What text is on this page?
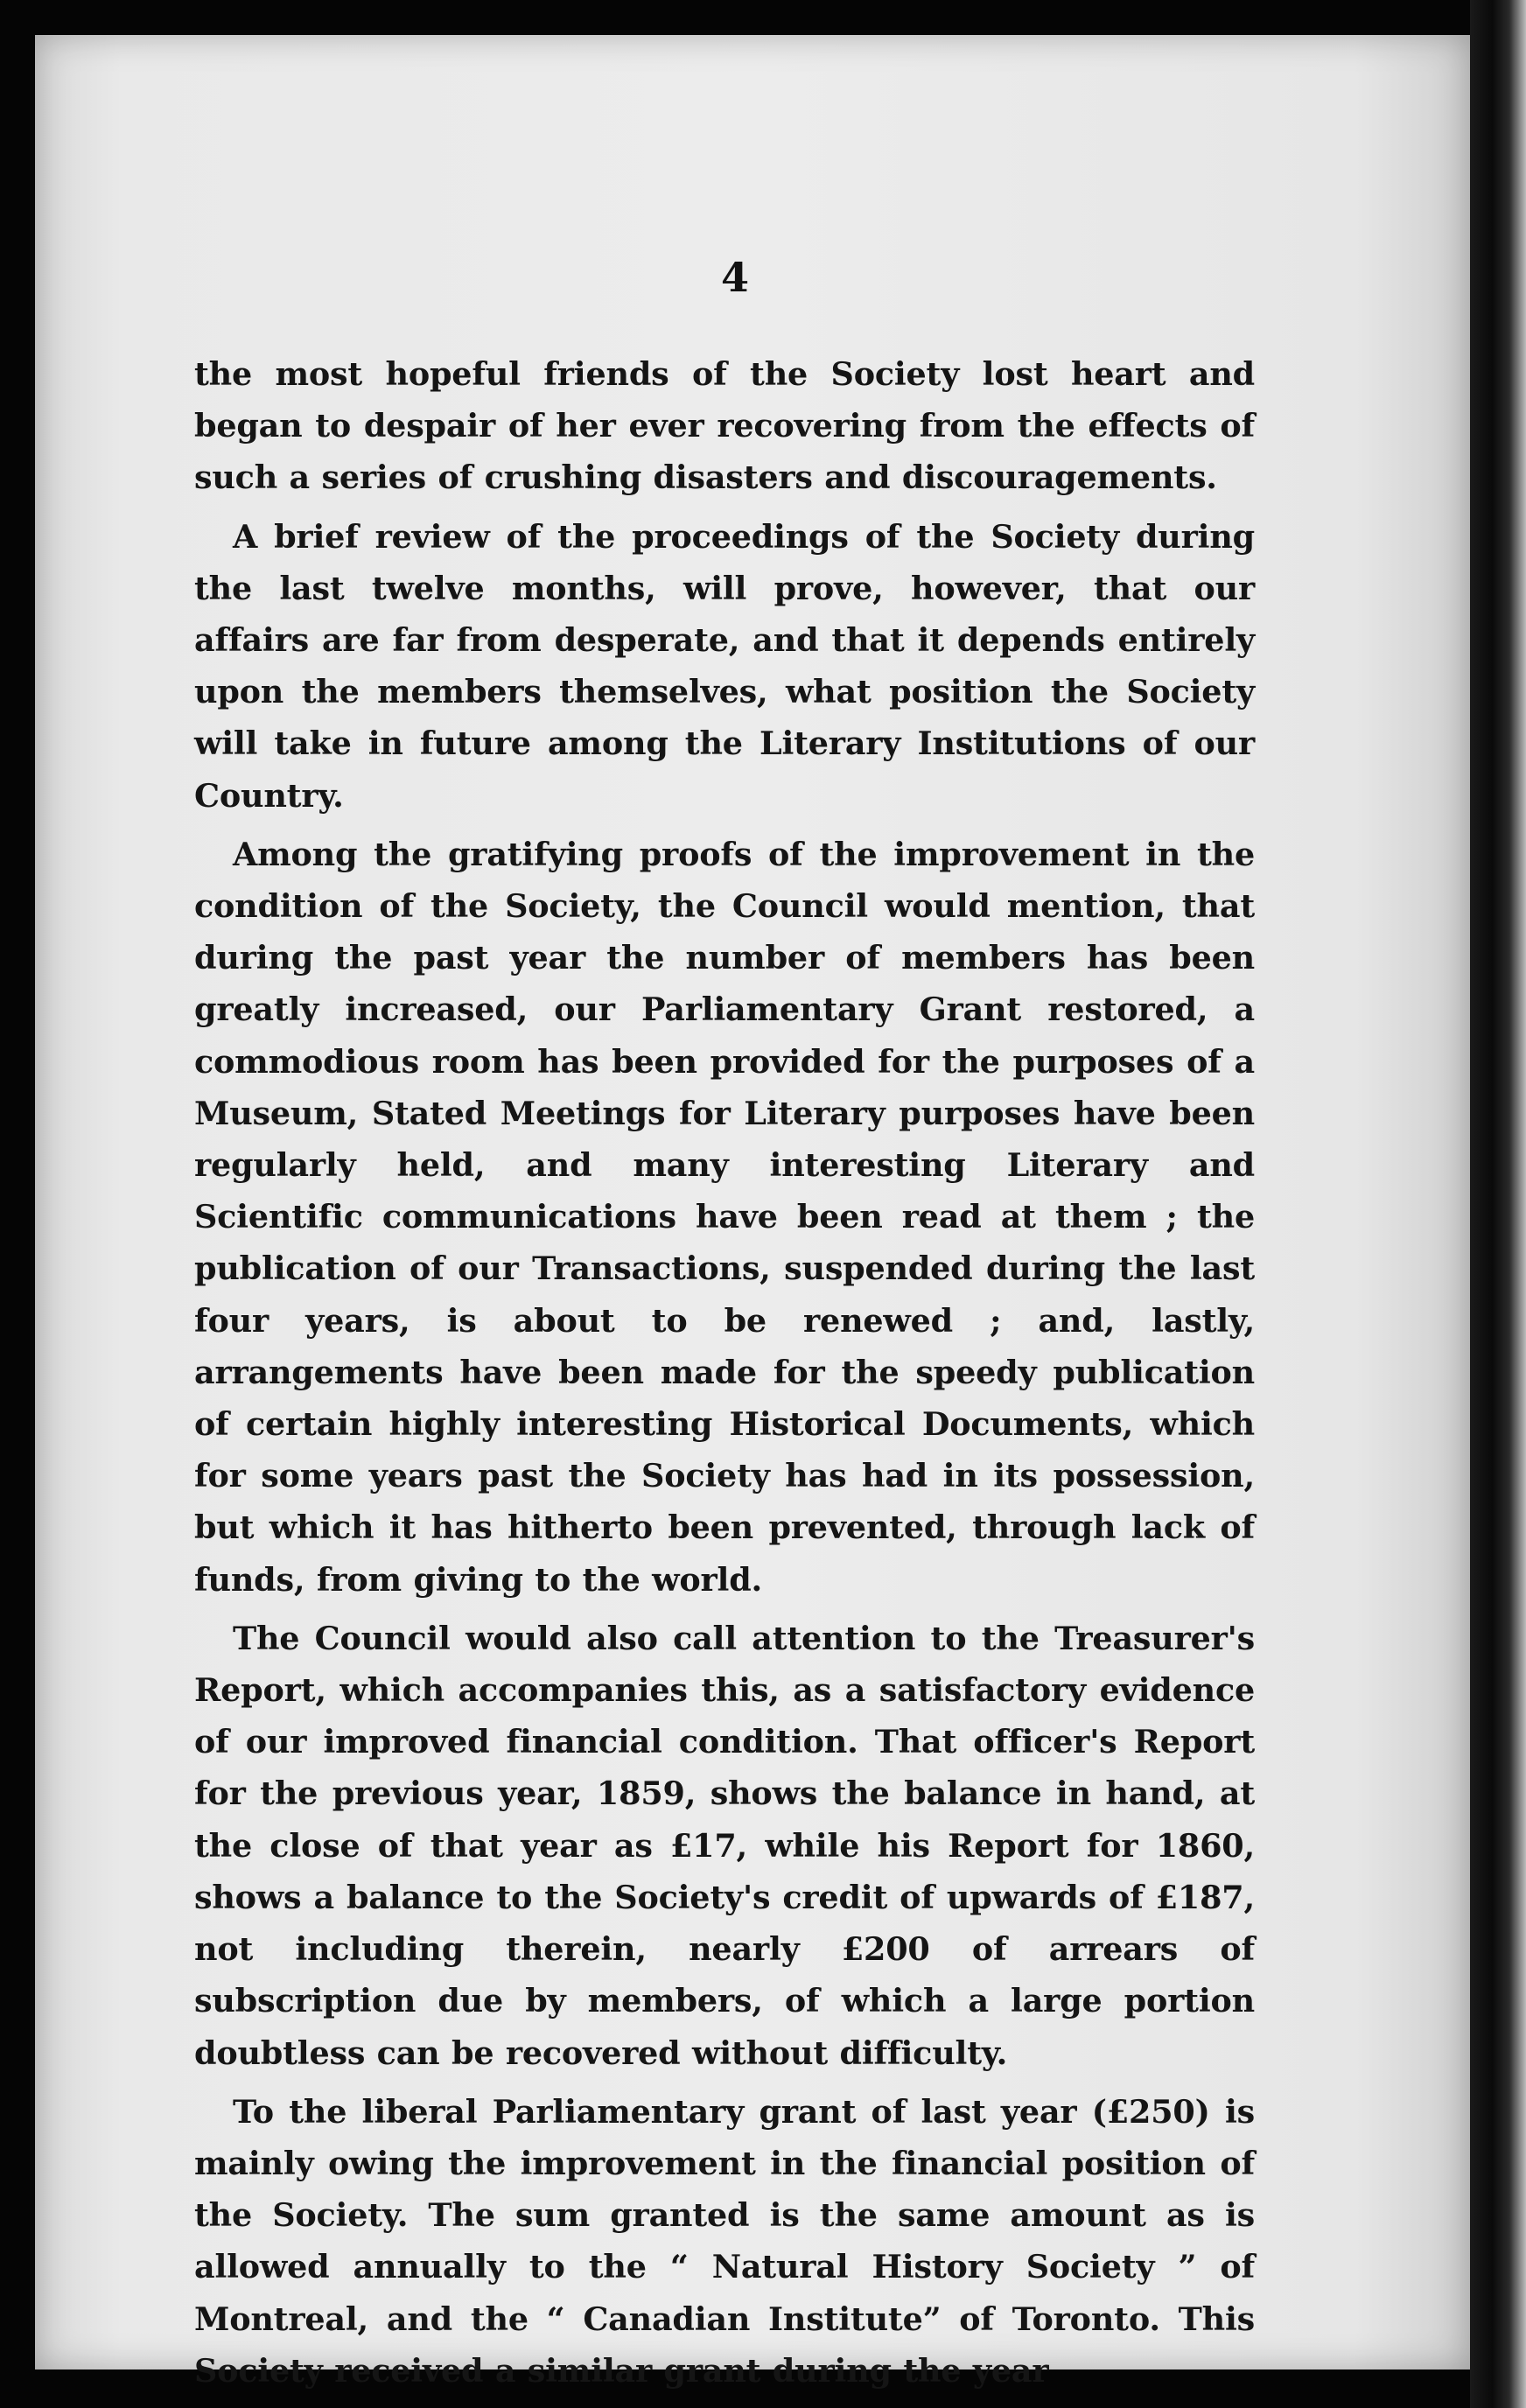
4

the most hopeful friends of the Society lost heart and began to despair of her ever recovering from the effects of such a series of crushing disasters and discouragements.

A brief review of the proceedings of the Society during the last twelve months, will prove, however, that our affairs are far from desperate, and that it depends entirely upon the members themselves, what position the Society will take in future among the Literary Institutions of our Country.

Among the gratifying proofs of the improvement in the condition of the Society, the Council would mention, that during the past year the number of members has been greatly increased, our Parliamentary Grant restored, a commodious room has been provided for the purposes of a Museum, Stated Meetings for Literary purposes have been regularly held, and many interesting Literary and Scientific communications have been read at them ; the publication of our Transactions, suspended during the last four years, is about to be renewed ; and, lastly, arrangements have been made for the speedy publication of certain highly interesting Historical Documents, which for some years past the Society has had in its possession, but which it has hitherto been prevented, through lack of funds, from giving to the world.

The Council would also call attention to the Treasurer's Report, which accompanies this, as a satisfactory evidence of our improved financial condition. That officer's Report for the previous year, 1859, shows the balance in hand, at the close of that year as £17, while his Report for 1860, shows a balance to the Society's credit of upwards of £187, not including therein, nearly £200 of arrears of subscription due by members, of which a large portion doubtless can be recovered without difficulty.

To the liberal Parliamentary grant of last year (£250) is mainly owing the improvement in the financial position of the Society. The sum granted is the same amount as is allowed annually to the “ Natural History Society ” of Montreal, and the “ Canadian Institute” of Toronto. This Society received a similar grant during the year
